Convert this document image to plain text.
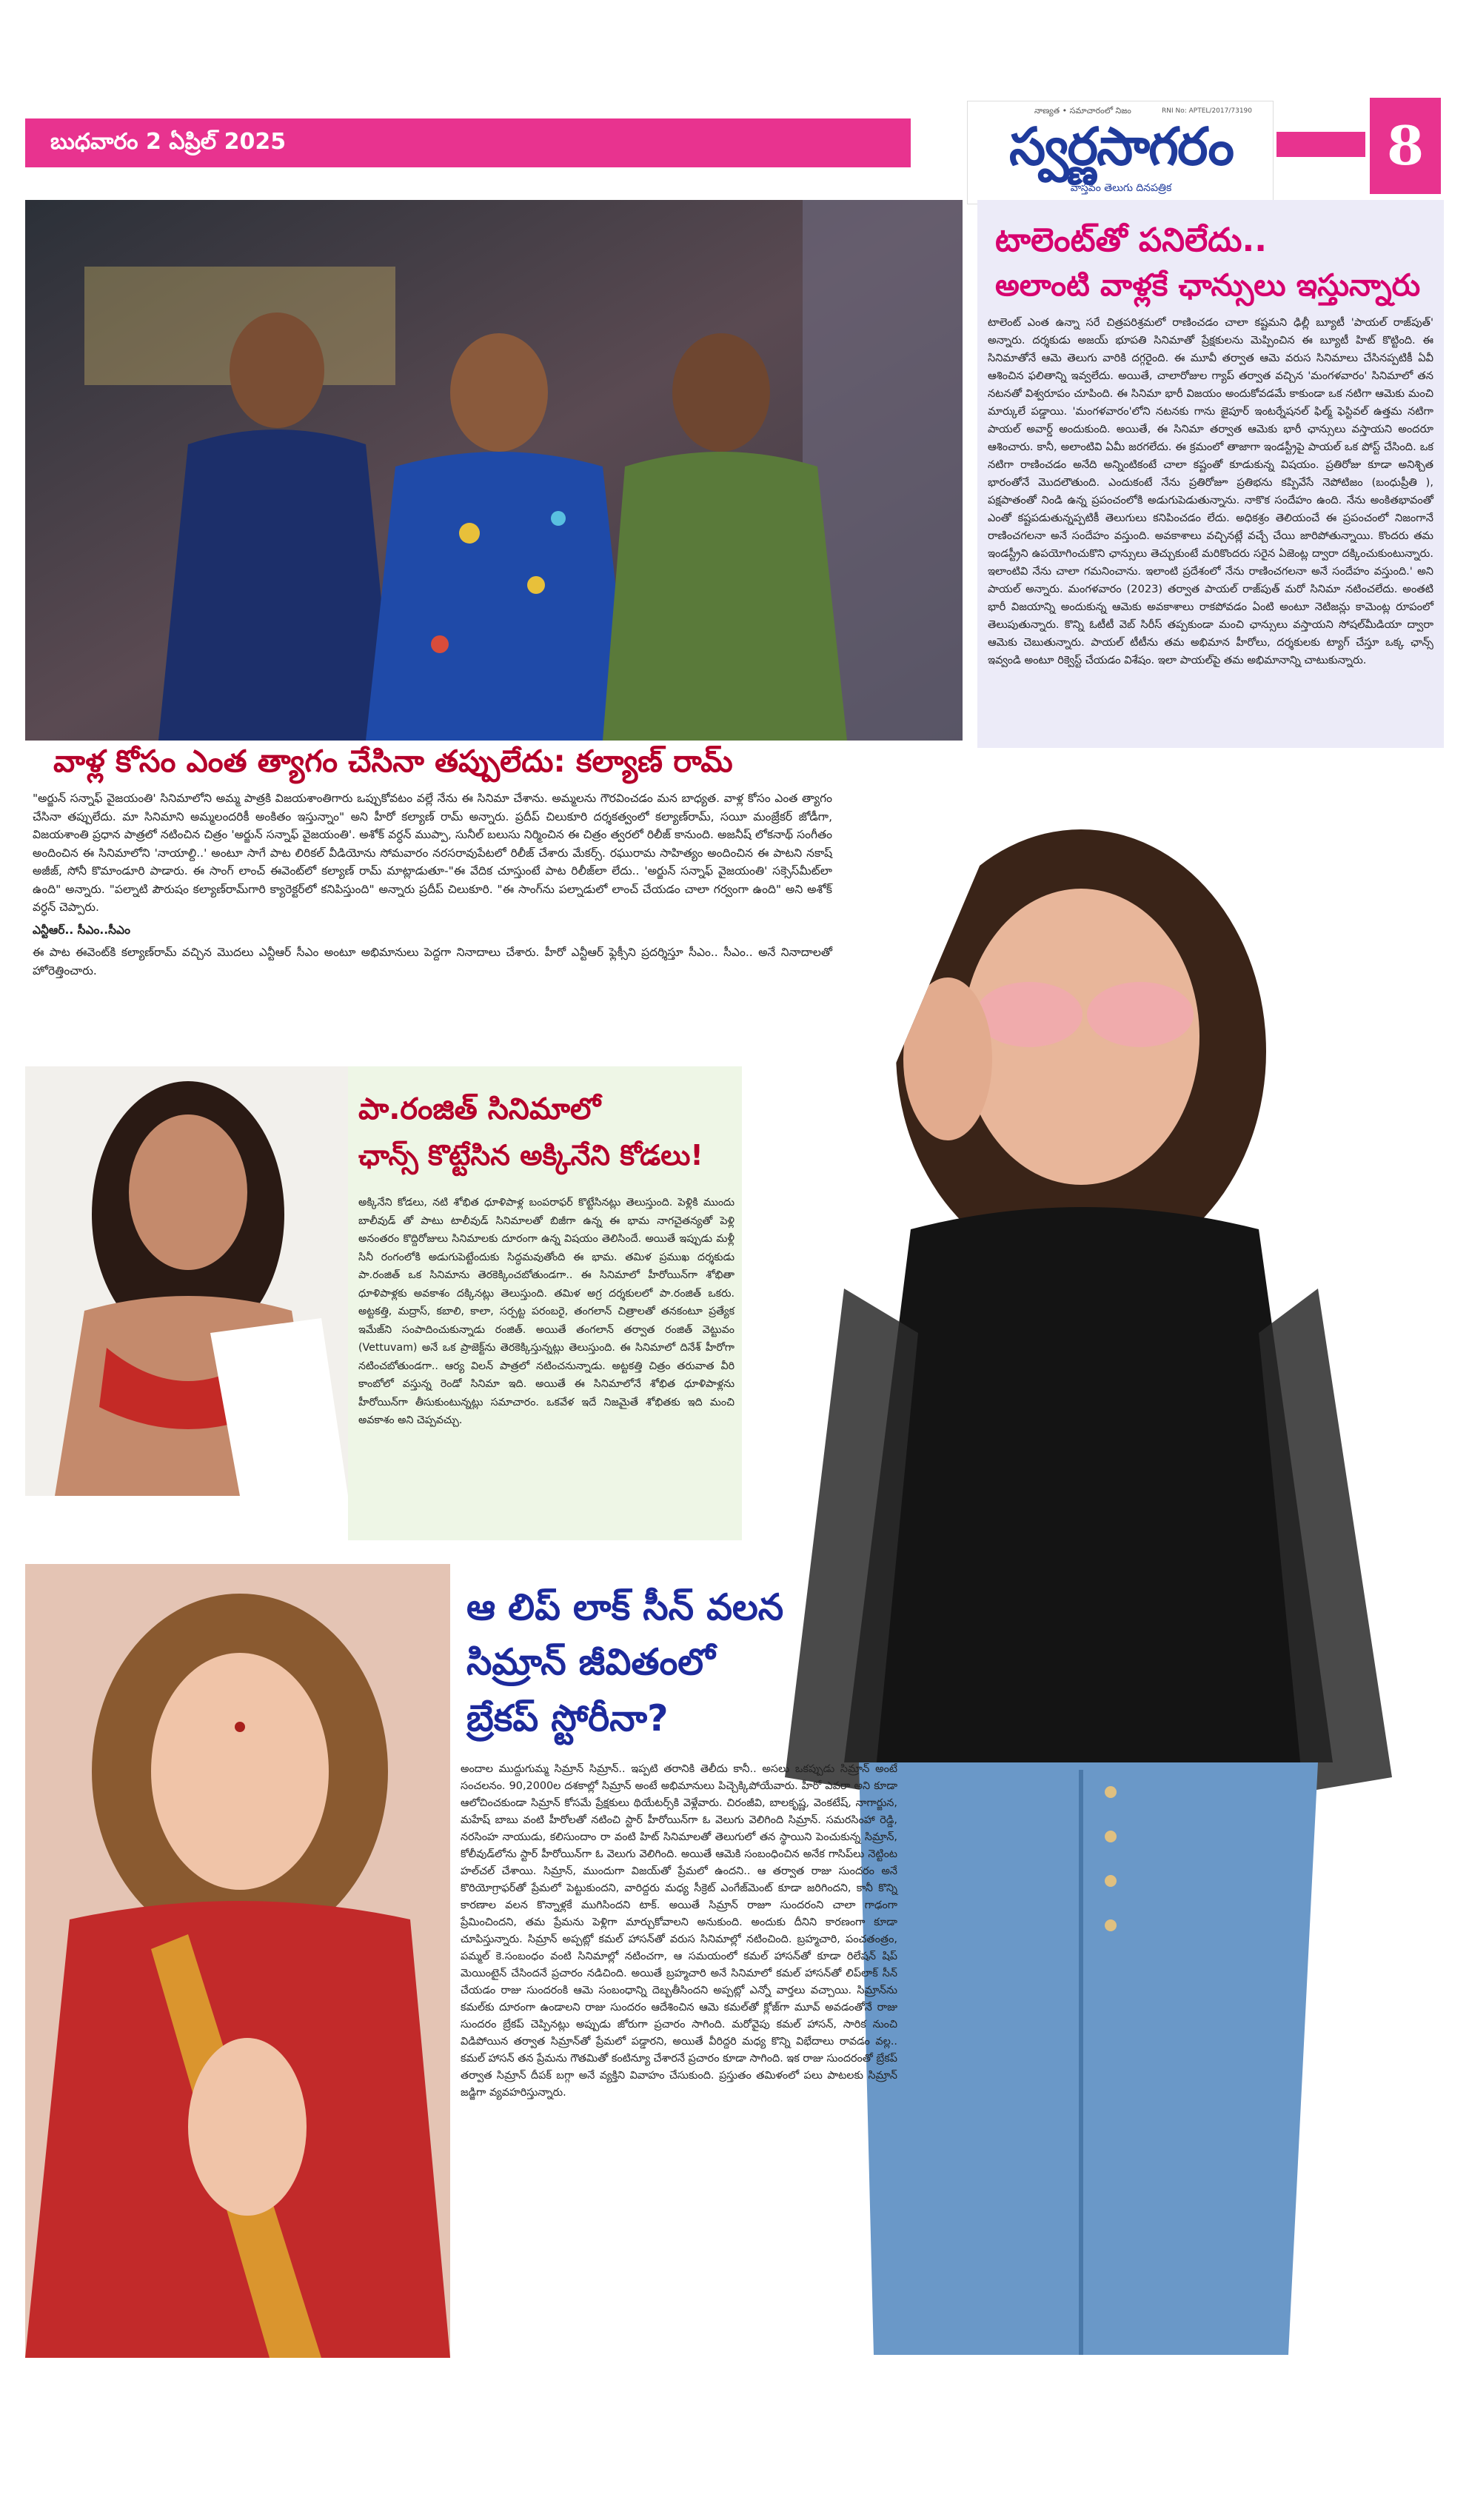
బుధవారం 2 ఏప్రిల్ 2025
నాణ్యత • సమాచారంలో నిజం	RNI No: APTEL/2017/73190
స్వర్ణసాగరం
వాస్తవం తెలుగు దినపత్రిక
8
వాళ్ల కోసం ఎంత త్యాగం చేసినా తప్పులేదు: కల్యాణ్ రామ్

"అర్జున్ సన్నాఫ్ వైజయంతి' సినిమాలోని అమ్మ పాత్రకి విజయశాంతిగారు ఒప్పుకోవటం వల్లే నేను ఈ సినిమా చేశాను. అమ్మలను గౌరవించడం మన బాధ్యత. వాళ్ల కోసం ఎంత త్యాగం చేసినా తప్పులేదు. మా సినిమాని అమ్మలందరికీ అంకితం ఇస్తున్నాం" అని హీరో కల్యాణ్ రామ్ అన్నారు. ప్రదీప్ చిలుకూరి దర్శకత్వంలో కల్యాణ్‌రామ్, సయీ మంజ్రేకర్ జోడీగా, విజయశాంతి ప్రధాన పాత్రలో నటించిన చిత్రం 'అర్జున్ సన్నాఫ్ వైజయంతి'. అశోక్ వర్ధన్ ముప్పా, సునీల్ బలుసు నిర్మించిన ఈ చిత్రం త్వరలో రిలీజ్ కానుంది. అజనీష్ లోకనాథ్ సంగీతం అందించిన ఈ సినిమాలోని 'నాయాల్ది..' అంటూ సాగే పాట లిరికల్ వీడియోను సోమవారం నరసరావుపేటలో రిలీజ్ చేశారు మేకర్స్. రఘురామ సాహిత్యం అందించిన ఈ పాటని నకాష్ అజీజ్, సోనీ కొమాండూరి పాడారు. ఈ సాంగ్ లాంచ్ ఈవెంట్‌లో కల్యాణ్ రామ్ మాట్లాడుతూ-"ఈ వేదిక చూస్తుంటే పాట రిలీజ్‌లా లేదు.. 'అర్జున్ సన్నాఫ్ వైజయంతి' సక్సెస్‌మీట్‌లా ఉంది" అన్నారు. "పల్నాటి పౌరుషం కల్యాణ్‌రామ్‌గారి క్యారెక్టర్‌లో కనిపిస్తుంది" అన్నారు ప్రదీప్ చిలుకూరి. "ఈ సాంగ్‌ను పల్నాడులో లాంచ్ చేయడం చాలా గర్వంగా ఉంది" అని అశోక్ వర్ధన్ చెప్పారు.

ఎన్టీఆర్.. సీఎం..సీఎం

ఈ పాట ఈవెంట్‌కి కల్యాణ్‌రామ్ వచ్చిన మొదలు ఎన్టీఆర్ సీఎం అంటూ అభిమానులు పెద్దగా నినాదాలు చేశారు. హీరో ఎన్టీఆర్ ఫ్లెక్సీని ప్రదర్శిస్తూ సీఎం.. సీఎం.. అనే నినాదాలతో హోరెత్తించారు.

టాలెంట్‌తో పనిలేదు..
అలాంటి వాళ్లకే ఛాన్సులు ఇస్తున్నారు

టాలెంట్ ఎంత ఉన్నా సరే చిత్రపరిశ్రమలో రాణించడం చాలా కష్టమని ఢిల్లీ బ్యూటీ 'పాయల్ రాజ్‌పుత్' అన్నారు. దర్శకుడు అజయ్ భూపతి సినిమాతో ప్రేక్షకులను మెప్పించిన ఈ బ్యూటీ హిట్ కొట్టింది. ఈ సినిమాతోనే ఆమె తెలుగు వారికి దగ్గరైంది. ఈ మూవీ తర్వాత ఆమె వరుస సినిమాలు చేసినప్పటికీ ఏవీ ఆశించిన ఫలితాన్ని ఇవ్వలేదు. అయితే, చాలారోజుల గ్యాప్ తర్వాత వచ్చిన 'మంగళవారం' సినిమాలో తన నటనతో విశ్వరూపం చూపింది. ఈ సినిమా భారీ విజయం అందుకోవడమే కాకుండా ఒక నటిగా ఆమెకు మంచి మార్కులే పడ్డాయి. 'మంగళవారం'లోని నటనకు గాను జైపూర్ ఇంటర్నేషనల్ ఫిల్మ్ ఫెస్టివల్ ఉత్తమ నటిగా పాయల్ అవార్డ్ అందుకుంది. అయితే, ఈ సినిమా తర్వాత ఆమెకు భారీ ఛాన్సులు వస్తాయని అందరూ ఆశించారు. కానీ, అలాంటివి ఏమీ జరగలేదు. ఈ క్రమంలో తాజాగా ఇండస్ట్రీపై పాయల్ ఒక పోస్ట్ చేసింది. ఒక నటిగా రాణించడం అనేది అన్నింటికంటే చాలా కష్టంతో కూడుకున్న విషయం. ప్రతిరోజు కూడా అనిశ్చిత భారంతోనే మొదలౌతుంది. ఎందుకంటే నేను ప్రతిరోజూ ప్రతిభను కప్పివేసే నెపోటిజం (బంధుప్రీతి ), పక్షపాతంతో నిండి ఉన్న ప్రపంచంలోకి అడుగుపెడుతున్నాను. నాకొక సందేహం ఉంది. నేను అంకితభావంతో ఎంతో కష్టపడుతున్నప్పటికీ తెలుగులు కనిపించడం లేదు. అధికశ్రం తెలియంచే ఈ ప్రపంచంలో నిజంగానే రాణించగలనా అనే సందేహం వస్తుంది. అవకాశాలు వచ్చినట్లే వచ్చే చేయి జారిపోతున్నాయి. కొందరు తమ ఇండస్ట్రీని ఉపయోగించుకొని ఛాన్సులు తెచ్చుకుంటే మరికొందరు సరైన ఏజెంట్ల ద్వారా దక్కించుకుంటున్నారు. ఇలాంటివి నేను చాలా గమనించాను. ఇలాంటి ప్రదేశంలో నేను రాణించగలనా అనే సందేహం వస్తుంది.' అని పాయల్ అన్నారు. మంగళవారం (2023) తర్వాత పాయల్ రాజ్‌పుత్ మరో సినిమా నటించలేదు. అంతటి భారీ విజయాన్ని అందుకున్న ఆమెకు అవకాశాలు రాకపోవడం ఏంటి అంటూ నెటిజన్లు కామెంట్ల రూపంలో తెలుపుతున్నారు. కొన్ని ఓటీటీ వెబ్ సిరీస్ తప్పకుండా మంచి ఛాన్సులు వస్తాయని సోషల్‌మీడియా ద్వారా ఆమెకు చెబుతున్నారు. పాయల్ టీటీను తమ అభిమాన హీరోలు, దర్శకులకు ట్యాగ్ చేస్తూ ఒక్క ఛాన్స్ ఇవ్వండి అంటూ రిక్వెస్ట్ చేయడం విశేషం. ఇలా పాయల్‌పై తమ అభిమానాన్ని చాటుకున్నారు.

పా.రంజిత్ సినిమాలో
ఛాన్స్ కొట్టేసిన అక్కినేని కోడలు!

అక్కినేని కోడలు, నటి శోభిత ధూళిపాళ్ల బంపరాఫర్ కొట్టేసినట్లు తెలుస్తుంది. పెళ్లికి ముందు బాలీవుడ్ తో పాటు టాలీవుడ్ సినిమాలతో బిజీగా ఉన్న ఈ భామ నాగచైతన్యతో పెళ్లి అనంతరం కొద్దిరోజులు సినిమాలకు దూరంగా ఉన్న విషయం తెలిసిందే. అయితే ఇప్పుడు మళ్లీ సినీ రంగంలోకి అడుగుపెట్టేందుకు సిద్ధమవుతోంది ఈ భామ. తమిళ ప్రముఖ దర్శకుడు పా.రంజిత్ ఒక సినిమాను తెరకెక్కించబోతుండగా.. ఈ సినిమాలో హీరోయిన్‌గా శోభితా ధూళిపాళ్లకు అవకాశం దక్కినట్లు తెలుస్తుంది. తమిళ అగ్ర దర్శకులలో పా.రంజిత్ ఒకరు. అట్టకత్తి, మద్రాస్, కబాలి, కాలా, సర్పట్ట పరంబరై, తంగలాన్ చిత్రాలతో తనకంటూ ప్రత్యేక ఇమేజ్‌ని సంపాదించుకున్నాడు రంజిత్. అయితే తంగలాన్ తర్వాత రంజిత్ వెట్టువం (Vettuvam) అనే ఒక ప్రాజెక్ట్‌ను తెరకెక్కిస్తున్నట్లు తెలుస్తుంది. ఈ సినిమాలో దినేశ్ హీరోగా నటించబోతుండగా.. ఆర్య విలన్ పాత్రలో నటించనున్నాడు. అట్టకత్తి చిత్రం తరువాత వీరి కాంబోలో వస్తున్న రెండో సినిమా ఇది. అయితే ఈ సినిమాలోనే శోభిత ధూళిపాళ్లను హీరోయిన్‌గా తీసుకుంటున్నట్లు సమాచారం. ఒకవేళ ఇదే నిజమైతే శోభితకు ఇది మంచి అవకాశం అని చెప్పవచ్చు.

ఆ లిప్ లాక్ సీన్ వలన
సిమ్రాన్ జీవితంలో
బ్రేకప్ స్టోరీనా?

అందాల ముద్దుగుమ్మ సిమ్రాన్ సిమ్రాన్.. ఇప్పటి తరానికి తెలీదు కానీ.. అసలు ఒకప్పుడు సిమ్రాన్ అంటే సంచలనం. 90,2000ల దశకాల్లో సిమ్రాన్ అంటే అభిమానులు పిచ్చెక్కిపోయేవారు. హీరో ఎవరా అని కూడా ఆలోచించకుండా సిమ్రాన్ కోసమే ప్రేక్షకులు థియేటర్స్‌కి వెళ్లేవారు. చిరంజీవి, బాలకృష్ణ, వెంకటేష్, నాగార్జున, మహేష్ బాబు వంటి హీరోలతో నటించి స్టార్ హీరోయిన్‌గా ఓ వెలుగు వెలిగింది సిమ్రాన్. సమరసింహా రెడ్డి, నరసింహ నాయుడు, కలిసుందాం రా వంటి హిట్ సినిమాలతో తెలుగులో తన స్థాయిని పెంచుకున్న సిమ్రాన్, కోలీవుడ్‌లోను స్టార్ హీరోయిన్‌గా ఓ వెలుగు వెలిగింది. అయితే ఆమెకి సంబంధించిన అనేక గాసిప్‌లు నెట్టింట హల్‌చల్ చేశాయి. సిమ్రాన్, ముందుగా విజయ్‌తో ప్రేమలో ఉందని.. ఆ తర్వాత రాజు సుందరం అనే కొరియోగ్రాఫర్‌తో ప్రేమలో పెట్టుకుందని, వారిద్దరు మధ్య సీక్రెట్ ఎంగేజ్‌మెంట్ కూడా జరిగిందని, కానీ కొన్ని కారణాల వలన కొన్నాళ్లకే ముగిసిందని టాక్. అయితే సిమ్రాన్ రాజూ సుందరంని చాలా గాఢంగా ప్రేమించిందని, తమ ప్రేమను పెళ్లిగా మార్చుకోవాలని అనుకుంది. అందుకు దీనిని కారణంగా కూడా చూపిస్తున్నారు. సిమ్రాన్ అప్పట్లో కమల్ హాసన్‌తో వరుస సినిమాల్లో నటించింది. బ్రహ్మచారి, పంచతంత్రం, పమ్మల్ కె.సంబంధం వంటి సినిమాల్లో నటించగా, ఆ సమయంలో కమల్ హాసన్‌తో కూడా రిలేషన్ షిప్ మెయింటైన్ చేసిందనే ప్రచారం నడిచింది. అయితే బ్రహ్మచారి అనే సినిమాలో కమల్ హాసన్‌తో లిప్‌లాక్ సీన్ చేయడం రాజు సుందరంకి ఆమె సంబంధాన్ని దెబ్బతీసిందని అప్పట్లో ఎన్నో వార్తలు వచ్చాయి. సిమ్రాన్‌ను కమల్‌కు దూరంగా ఉండాలని రాజు సుందరం ఆదేశించిన ఆమె కమల్‌తో క్లోజ్‌గా మూవ్ అవడంతోనే రాజు సుందరం బ్రేకప్ చెప్పినట్లు అప్పుడు జోరుగా ప్రచారం సాగింది. మరోవైపు కమల్ హాసన్, సారిక నుంచి విడిపోయిన తర్వాత సిమ్రాన్‌తో ప్రేమలో పడ్డారని, అయితే వీరిద్దరి మధ్య కొన్ని విభేదాలు రావడం వల్ల.. కమల్ హాసన్ తన ప్రేమను గౌతమితో కంటిన్యూ చేశారనే ప్రచారం కూడా సాగింది. ఇక రాజు సుందరంతో బ్రేకప్ తర్వాత సిమ్రాన్ దీపక్ బగ్గా అనే వ్యక్తిని వివాహం చేసుకుంది. ప్రస్తుతం తమిళంలో పలు పాటలకు సిమ్రాన్ జడ్జిగా వ్యవహరిస్తున్నారు.
